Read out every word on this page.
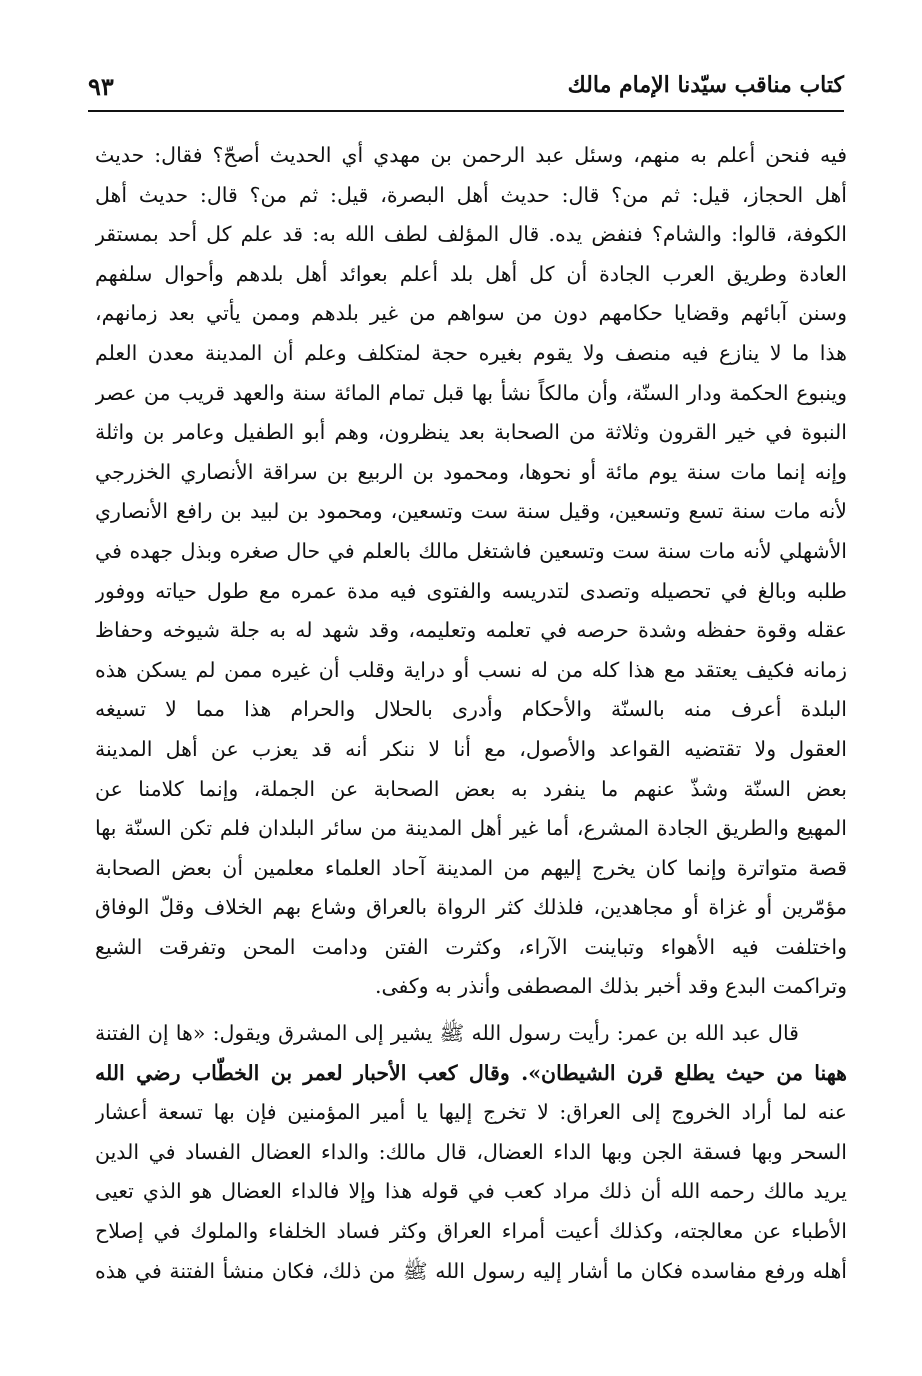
كتاب مناقب سيّدنا الإمام مالك
٩٣
فيه فنحن أعلم به منهم، وسئل عبد الرحمن بن مهدي أي الحديث أصحّ؟ فقال: حديث
أهل الحجاز، قيل: ثم من؟ قال: حديث أهل البصرة، قيل: ثم من؟ قال: حديث أهل
الكوفة، قالوا: والشام؟ فنفض يده. قال المؤلف لطف الله به: قد علم كل أحد بمستقر
العادة وطريق العرب الجادة أن كل أهل بلد أعلم بعوائد أهل بلدهم وأحوال سلفهم
وسنن آبائهم وقضايا حكامهم دون من سواهم من غير بلدهم وممن يأتي بعد زمانهم،
هذا ما لا ينازع فيه منصف ولا يقوم بغيره حجة لمتكلف وعلم أن المدينة معدن العلم
وينبوع الحكمة ودار السنّة، وأن مالكاً نشأ بها قبل تمام المائة سنة والعهد قريب من عصر
النبوة في خير القرون وثلاثة من الصحابة بعد ينظرون، وهم أبو الطفيل وعامر بن واثلة
وإنه إنما مات سنة يوم مائة أو نحوها، ومحمود بن الربيع بن سراقة الأنصاري الخزرجي
لأنه مات سنة تسع وتسعين، وقيل سنة ست وتسعين، ومحمود بن لبيد بن رافع الأنصاري
الأشهلي لأنه مات سنة ست وتسعين فاشتغل مالك بالعلم في حال صغره وبذل جهده في
طلبه وبالغ في تحصيله وتصدى لتدريسه والفتوى فيه مدة عمره مع طول حياته ووفور
عقله وقوة حفظه وشدة حرصه في تعلمه وتعليمه، وقد شهد له به جلة شيوخه وحفاظ
زمانه فكيف يعتقد مع هذا كله من له نسب أو دراية وقلب أن غيره ممن لم يسكن هذه
البلدة أعرف منه بالسنّة والأحكام وأدرى بالحلال والحرام هذا مما لا تسيغه
العقول ولا تقتضيه القواعد والأصول، مع أنا لا ننكر أنه قد يعزب عن أهل المدينة
بعض السنّة وشذّ عنهم ما ينفرد به بعض الصحابة عن الجملة، وإنما كلامنا عن
المهيع والطريق الجادة المشرع، أما غير أهل المدينة من سائر البلدان فلم تكن السنّة بها
قصة متواترة وإنما كان يخرج إليهم من المدينة آحاد العلماء معلمين أن بعض الصحابة
مؤمّرين أو غزاة أو مجاهدين، فلذلك كثر الرواة بالعراق وشاع بهم الخلاف وقلّ الوفاق
واختلفت فيه الأهواء وتباينت الآراء، وكثرت الفتن ودامت المحن وتفرقت الشيع
وتراكمت البدع وقد أخبر بذلك المصطفى وأنذر به وكفى.
قال عبد الله بن عمر: رأيت رسول الله ﷺ يشير إلى المشرق ويقول: «ها إن الفتنة
ههنا من حيث يطلع قرن الشيطان». وقال كعب الأحبار لعمر بن الخطّاب رضي الله
عنه لما أراد الخروج إلى العراق: لا تخرج إليها يا أمير المؤمنين فإن بها تسعة أعشار
السحر وبها فسقة الجن وبها الداء العضال، قال مالك: والداء العضال الفساد في الدين
يريد مالك رحمه الله أن ذلك مراد كعب في قوله هذا وإلا فالداء العضال هو الذي تعيى
الأطباء عن معالجته، وكذلك أعيت أمراء العراق وكثر فساد الخلفاء والملوك في إصلاح
أهله ورفع مفاسده فكان ما أشار إليه رسول الله ﷺ من ذلك، فكان منشأ الفتنة في هذه
